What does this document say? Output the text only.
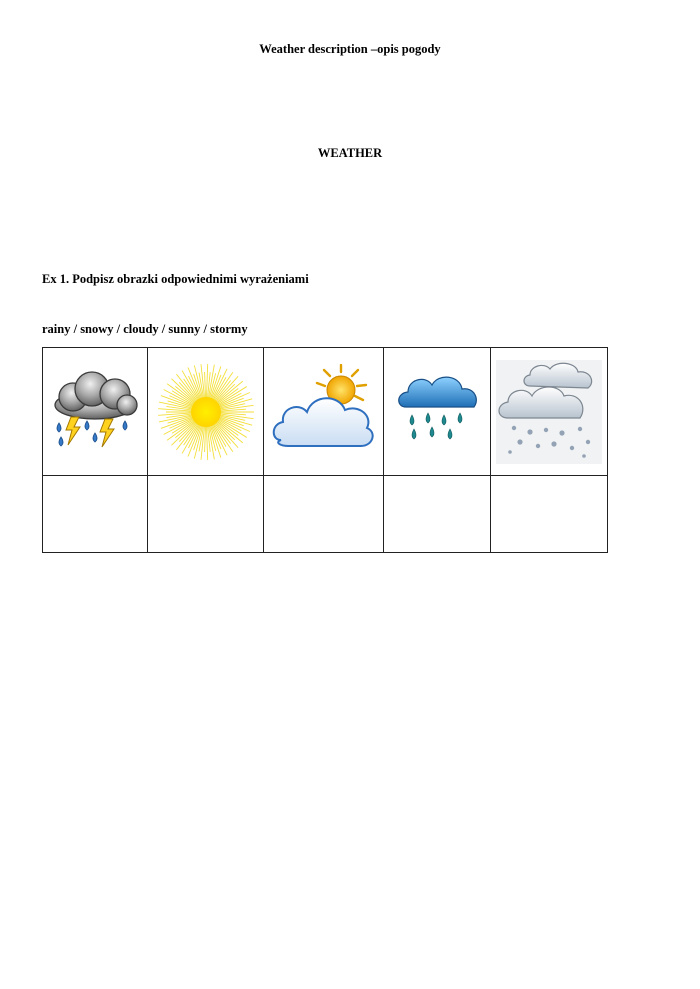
Weather description –opis pogody
WEATHER
Ex 1. Podpisz obrazki odpowiednimi wyrażeniami
rainy / snowy / cloudy / sunny / stormy
